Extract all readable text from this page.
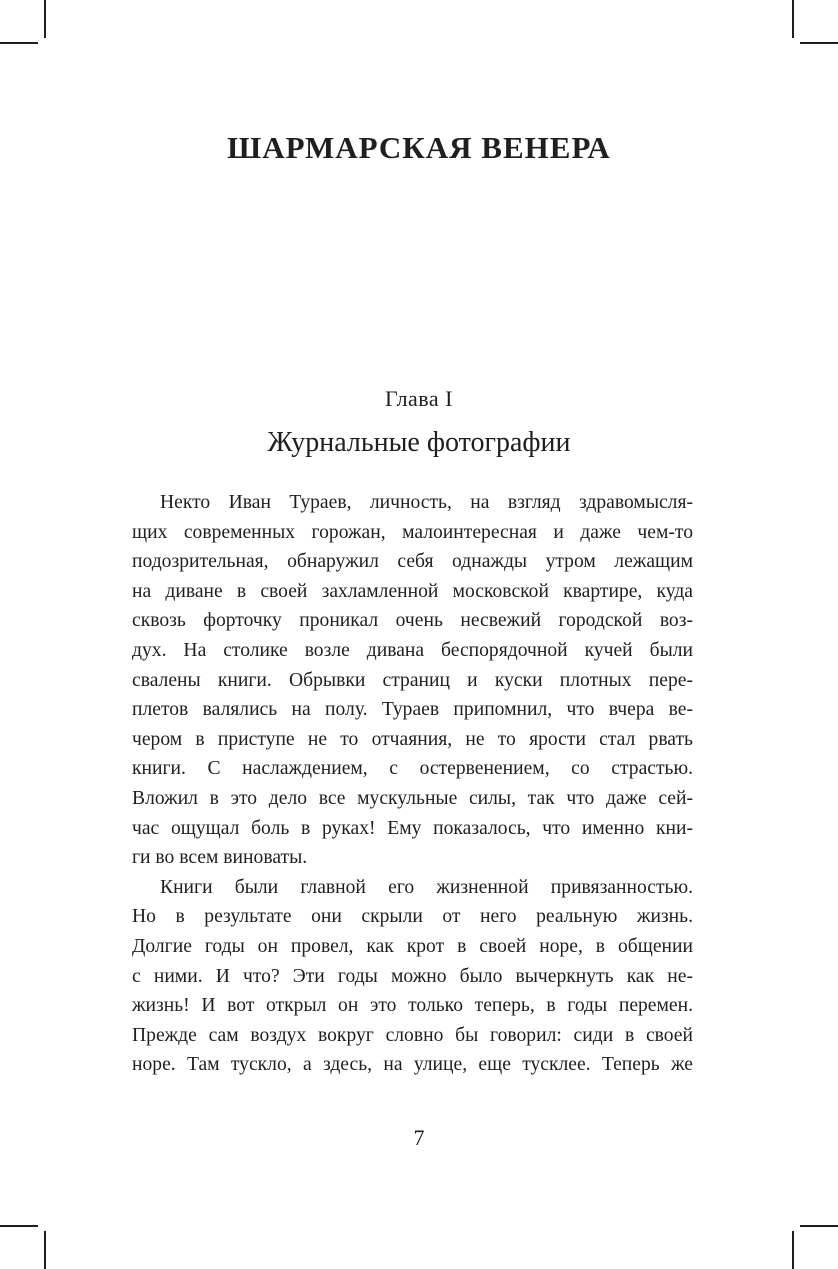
ШАРМАРСКАЯ ВЕНЕРА
Глава I
Журнальные фотографии
Некто Иван Тураев, личность, на взгляд здравомысля-
щих современных горожан, малоинтересная и даже чем-то
подозрительная, обнаружил себя однажды утром лежащим
на диване в своей захламленной московской квартире, куда
сквозь форточку проникал очень несвежий городской воз-
дух. На столике возле дивана беспорядочной кучей были
свалены книги. Обрывки страниц и куски плотных пере-
плетов валялись на полу. Тураев припомнил, что вчера ве-
чером в приступе не то отчаяния, не то ярости стал рвать
книги. С наслаждением, с остервенением, со страстью.
Вложил в это дело все мускульные силы, так что даже сей-
час ощущал боль в руках! Ему показалось, что именно кни-
ги во всем виноваты.
Книги были главной его жизненной привязанностью.
Но в результате они скрыли от него реальную жизнь.
Долгие годы он провел, как крот в своей норе, в общении
с ними. И что? Эти годы можно было вычеркнуть как не-
жизнь! И вот открыл он это только теперь, в годы перемен.
Прежде сам воздух вокруг словно бы говорил: сиди в своей
норе. Там тускло, а здесь, на улице, еще тусклее. Теперь же
7
